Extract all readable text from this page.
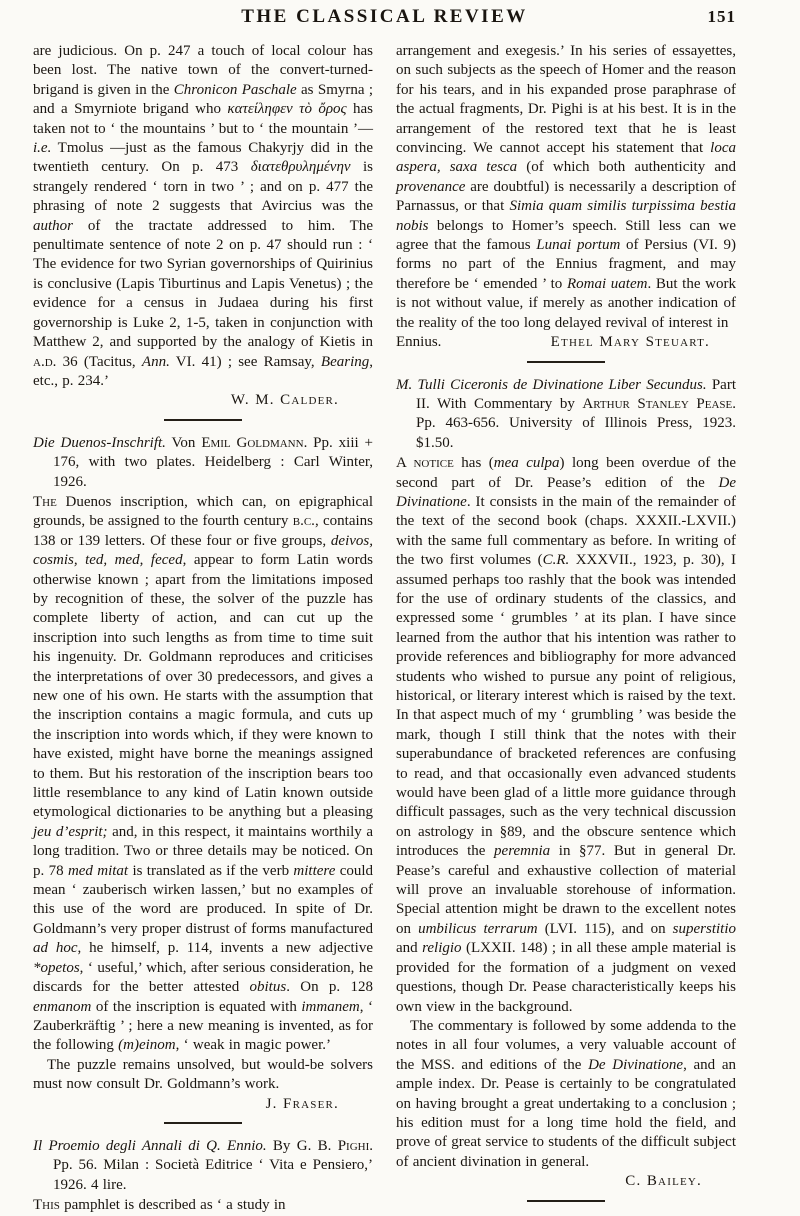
THE CLASSICAL REVIEW	151

are judicious. On p. 247 a touch of local colour has been lost. The native town of the convert-turned-brigand is given in the Chronicon Paschale as Smyrna ; and a Smyrniote brigand who κατείληφεν τὸ ὄρος has taken not to ‘ the mountains ’ but to ‘ the mountain ’—i.e. Tmolus —just as the famous Chakyrjy did in the twentieth century. On p. 473 διατεθρυλημένην is strangely rendered ‘ torn in two ’ ; and on p. 477 the phrasing of note 2 suggests that Avircius was the author of the tractate addressed to him. The penultimate sentence of note 2 on p. 47 should run : ‘ The evidence for two Syrian governorships of Quirinius is conclusive (Lapis Tiburtinus and Lapis Venetus) ; the evidence for a census in Judaea during his first governorship is Luke 2, 1-5, taken in conjunction with Matthew 2, and supported by the analogy of Kietis in a.d. 36 (Tacitus, Ann. VI. 41) ; see Ramsay, Bearing, etc., p. 234.’

W. M. Calder.

Die Duenos-Inschrift. Von Emil Goldmann. Pp. xiii + 176, with two plates. Heidelberg : Carl Winter, 1926.

The Duenos inscription, which can, on epigraphical grounds, be assigned to the fourth century b.c., contains 138 or 139 letters. Of these four or five groups, deivos, cosmis, ted, med, feced, appear to form Latin words otherwise known ; apart from the limitations imposed by recognition of these, the solver of the puzzle has complete liberty of action, and can cut up the inscription into such lengths as from time to time suit his ingenuity. Dr. Goldmann reproduces and criticises the interpretations of over 30 predecessors, and gives a new one of his own. He starts with the assumption that the inscription contains a magic formula, and cuts up the inscription into words which, if they were known to have existed, might have borne the meanings assigned to them. But his restoration of the inscription bears too little resemblance to any kind of Latin known outside etymological dictionaries to be anything but a pleasing jeu d’esprit; and, in this respect, it maintains worthily a long tradition. Two or three details may be noticed. On p. 78 med mitat is translated as if the verb mittere could mean ‘ zauberisch wirken lassen,’ but no examples of this use of the word are produced. In spite of Dr. Goldmann’s very proper distrust of forms manufactured ad hoc, he himself, p. 114, invents a new adjective *opetos, ‘ useful,’ which, after serious consideration, he discards for the better attested obitus. On p. 128 enmanom of the inscription is equated with immanem, ‘ Zauberkräftig ’ ; here a new meaning is invented, as for the following (m)einom, ‘ weak in magic power.’

The puzzle remains unsolved, but would-be solvers must now consult Dr. Goldmann’s work.

J. Fraser.

Il Proemio degli Annali di Q. Ennio. By G. B. Pighi. Pp. 56. Milan : Società Editrice ‘ Vita e Pensiero,’ 1926. 4 lire.

This pamphlet is described as ‘ a study in

arrangement and exegesis.’ In his series of essayettes, on such subjects as the speech of Homer and the reason for his tears, and in his expanded prose paraphrase of the actual fragments, Dr. Pighi is at his best. It is in the arrangement of the restored text that he is least convincing. We cannot accept his statement that loca aspera, saxa tesca (of which both authenticity and provenance are doubtful) is necessarily a description of Parnassus, or that Simia quam similis turpissima bestia nobis belongs to Homer’s speech. Still less can we agree that the famous Lunai portum of Persius (VI. 9) forms no part of the Ennius fragment, and may therefore be ‘ emended ’ to Romai uatem. But the work is not without value, if merely as another indication of the reality of the too long delayed revival of interest in

Ennius.	Ethel Mary Steuart.

M. Tulli Ciceronis de Divinatione Liber Secundus. Part II. With Commentary by Arthur Stanley Pease. Pp. 463-656. University of Illinois Press, 1923. $1.50.

A notice has (mea culpa) long been overdue of the second part of Dr. Pease’s edition of the De Divinatione. It consists in the main of the remainder of the text of the second book (chaps. XXXII.-LXVII.) with the same full commentary as before. In writing of the two first volumes (C.R. XXXVII., 1923, p. 30), I assumed perhaps too rashly that the book was intended for the use of ordinary students of the classics, and expressed some ‘ grumbles ’ at its plan. I have since learned from the author that his intention was rather to provide references and bibliography for more advanced students who wished to pursue any point of religious, historical, or literary interest which is raised by the text. In that aspect much of my ‘ grumbling ’ was beside the mark, though I still think that the notes with their superabundance of bracketed references are confusing to read, and that occasionally even advanced students would have been glad of a little more guidance through difficult passages, such as the very technical discussion on astrology in §89, and the obscure sentence which introduces the peremnia in §77. But in general Dr. Pease’s careful and exhaustive collection of material will prove an invaluable storehouse of information. Special attention might be drawn to the excellent notes on umbilicus terrarum (LVI. 115), and on superstitio and religio (LXXII. 148) ; in all these ample material is provided for the formation of a judgment on vexed questions, though Dr. Pease characteristically keeps his own view in the background.

The commentary is followed by some addenda to the notes in all four volumes, a very valuable account of the MSS. and editions of the De Divinatione, and an ample index. Dr. Pease is certainly to be congratulated on having brought a great undertaking to a conclusion ; his edition must for a long time hold the field, and prove of great service to students of the difficult subject of ancient divination in general.

C. Bailey.
